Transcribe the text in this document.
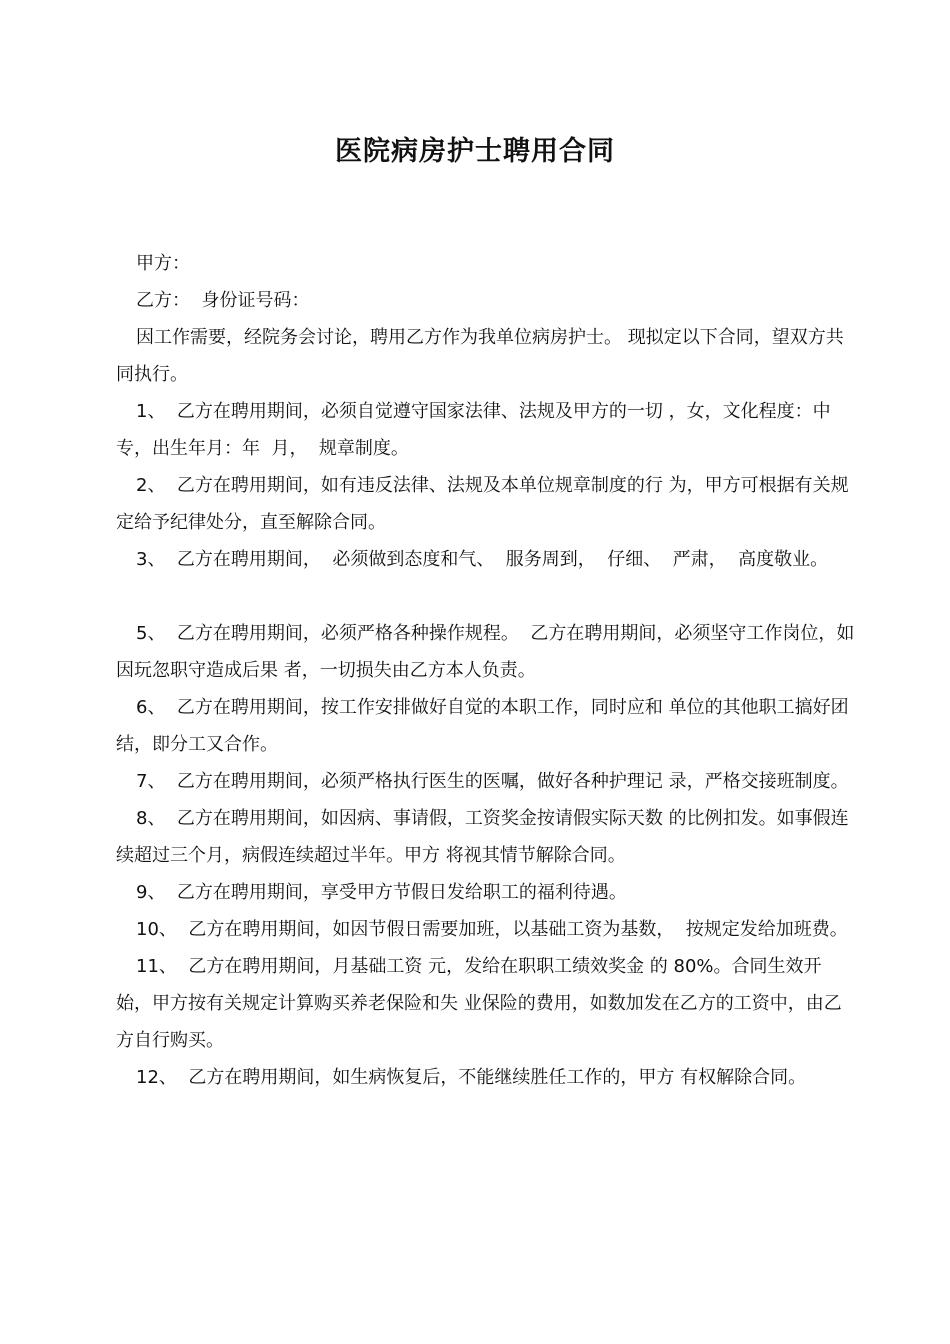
医院病房护士聘用合同

甲方：

乙方：  身份证号码：

因工作需要，经院务会讨论，聘用乙方作为我单位病房护士。 现拟定以下合同，望双方共同执行。

1、  乙方在聘用期间，必须自觉遵守国家法律、法规及甲方的一切 ，女，文化程度：中专，出生年月：年  月，  规章制度。

2、  乙方在聘用期间，如有违反法律、法规及本单位规章制度的行 为，甲方可根据有关规 定给予纪律处分，直至解除合同。

3、  乙方在聘用期间，  必须做到态度和气、  服务周到，  仔细、  严肃，  高度敬业。

5、  乙方在聘用期间，必须严格各种操作规程。  乙方在聘用期间，必须坚守工作岗位，如因玩忽职守造成后果 者，一切损失由乙方本人负责。

6、  乙方在聘用期间，按工作安排做好自觉的本职工作，同时应和 单位的其他职工搞好团结，即分工又合作。

7、  乙方在聘用期间，必须严格执行医生的医嘱，做好各种护理记 录，严格交接班制度。

8、  乙方在聘用期间，如因病、事请假，工资奖金按请假实际天数 的比例扣发。如事假连续超过三个月，病假连续超过半年。甲方 将视其情节解除合同。

9、  乙方在聘用期间，享受甲方节假日发给职工的福利待遇。

10、  乙方在聘用期间，如因节假日需要加班，以基础工资为基数，  按规定发给加班费。

11、  乙方在聘用期间，月基础工资 元，发给在职职工绩效奖金 的 80%。合同生效开始，甲方按有关规定计算购买养老保险和失 业保险的费用，如数加发在乙方的工资中，由乙方自行购买。

12、  乙方在聘用期间，如生病恢复后，不能继续胜任工作的，甲方 有权解除合同。
